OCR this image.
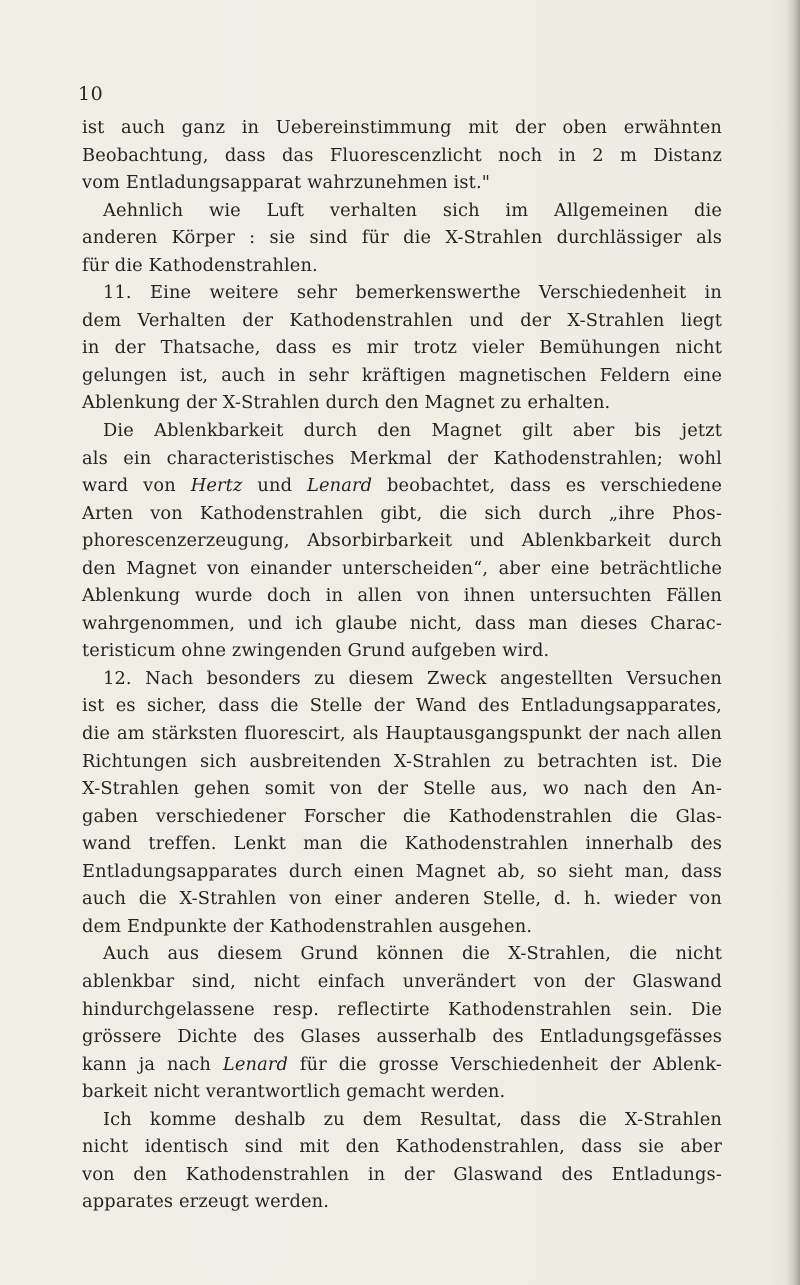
10
ist auch ganz in Uebereinstimmung mit der oben erwähnten
Beobachtung, dass das Fluorescenzlicht noch in 2 m Distanz
vom Entladungsapparat wahrzunehmen ist."
Aehnlich wie Luft verhalten sich im Allgemeinen die
anderen Körper : sie sind für die X-Strahlen durchlässiger als
für die Kathodenstrahlen.
11. Eine weitere sehr bemerkenswerthe Verschiedenheit in
dem Verhalten der Kathodenstrahlen und der X-Strahlen liegt
in der Thatsache, dass es mir trotz vieler Bemühungen nicht
gelungen ist, auch in sehr kräftigen magnetischen Feldern eine
Ablenkung der X-Strahlen durch den Magnet zu erhalten.
Die Ablenkbarkeit durch den Magnet gilt aber bis jetzt
als ein characteristisches Merkmal der Kathodenstrahlen; wohl
ward von Hertz und Lenard beobachtet, dass es verschiedene
Arten von Kathodenstrahlen gibt, die sich durch „ihre Phos-
phorescenzerzeugung, Absorbirbarkeit und Ablenkbarkeit durch
den Magnet von einander unterscheiden“, aber eine beträchtliche
Ablenkung wurde doch in allen von ihnen untersuchten Fällen
wahrgenommen, und ich glaube nicht, dass man dieses Charac-
teristicum ohne zwingenden Grund aufgeben wird.
12. Nach besonders zu diesem Zweck angestellten Versuchen
ist es sicher, dass die Stelle der Wand des Entladungsapparates,
die am stärksten fluorescirt, als Hauptausgangspunkt der nach allen
Richtungen sich ausbreitenden X-Strahlen zu betrachten ist. Die
X-Strahlen gehen somit von der Stelle aus, wo nach den An-
gaben verschiedener Forscher die Kathodenstrahlen die Glas-
wand treffen. Lenkt man die Kathodenstrahlen innerhalb des
Entladungsapparates durch einen Magnet ab, so sieht man, dass
auch die X-Strahlen von einer anderen Stelle, d. h. wieder von
dem Endpunkte der Kathodenstrahlen ausgehen.
Auch aus diesem Grund können die X-Strahlen, die nicht
ablenkbar sind, nicht einfach unverändert von der Glaswand
hindurchgelassene resp. reflectirte Kathodenstrahlen sein. Die
grössere Dichte des Glases ausserhalb des Entladungsgefässes
kann ja nach Lenard für die grosse Verschiedenheit der Ablenk-
barkeit nicht verantwortlich gemacht werden.
Ich komme deshalb zu dem Resultat, dass die X-Strahlen
nicht identisch sind mit den Kathodenstrahlen, dass sie aber
von den Kathodenstrahlen in der Glaswand des Entladungs-
apparates erzeugt werden.
